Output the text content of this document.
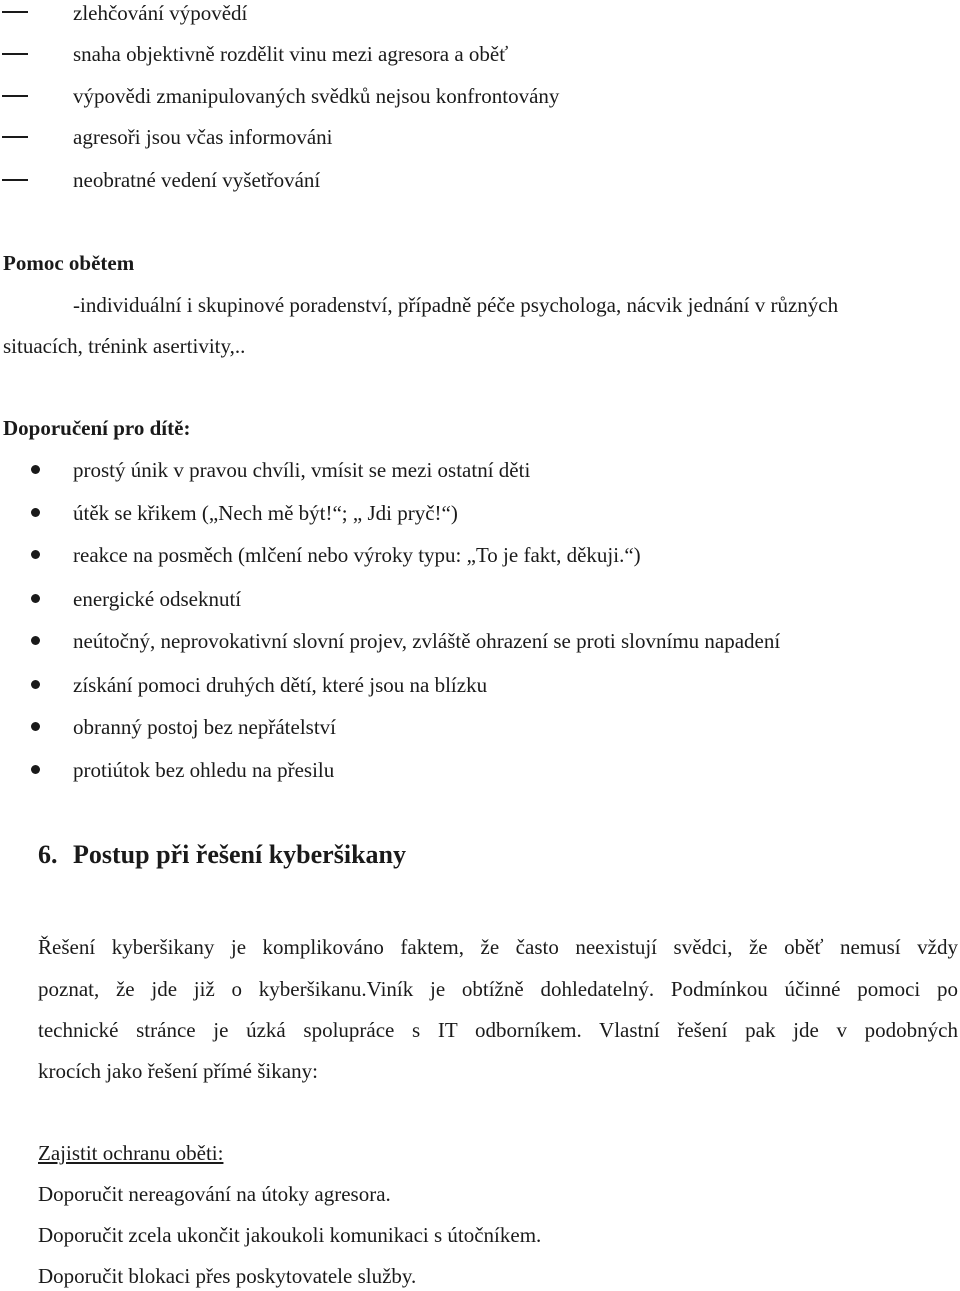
zlehčování výpovědí
snaha objektivně rozdělit vinu mezi agresora a oběť
výpovědi zmanipulovaných svědků nejsou konfrontovány
agresoři jsou včas informováni
neobratné vedení vyšetřování
Pomoc obětem
-individuální i skupinové poradenství, případně péče psychologa, nácvik jednání v různých
situacích, trénink asertivity,..
Doporučení pro dítě:
prostý únik v pravou chvíli, vmísit se mezi ostatní děti
útěk se křikem („Nech mě být!“; „ Jdi pryč!“)
reakce na posměch (mlčení nebo výroky typu: „To je fakt, děkuji.“)
energické odseknutí
neútočný, neprovokativní slovní projev, zvláště ohrazení se proti slovnímu napadení
získání pomoci druhých dětí, které jsou na blízku
obranný postoj bez nepřátelství
protiútok bez ohledu na přesilu
6. Postup při řešení kyberšikany
Řešení kyberšikany je komplikováno faktem, že často neexistují svědci, že oběť nemusí vždy
poznat, že jde již o kyberšikanu.Viník je obtížně dohledatelný. Podmínkou účinné pomoci po
technické stránce je úzká spolupráce s IT odborníkem. Vlastní řešení pak jde v podobných
krocích jako řešení přímé šikany:
Zajistit ochranu oběti:
Doporučit nereagování na útoky agresora.
Doporučit zcela ukončit jakoukoli komunikaci s útočníkem.
Doporučit blokaci přes poskytovatele služby.
